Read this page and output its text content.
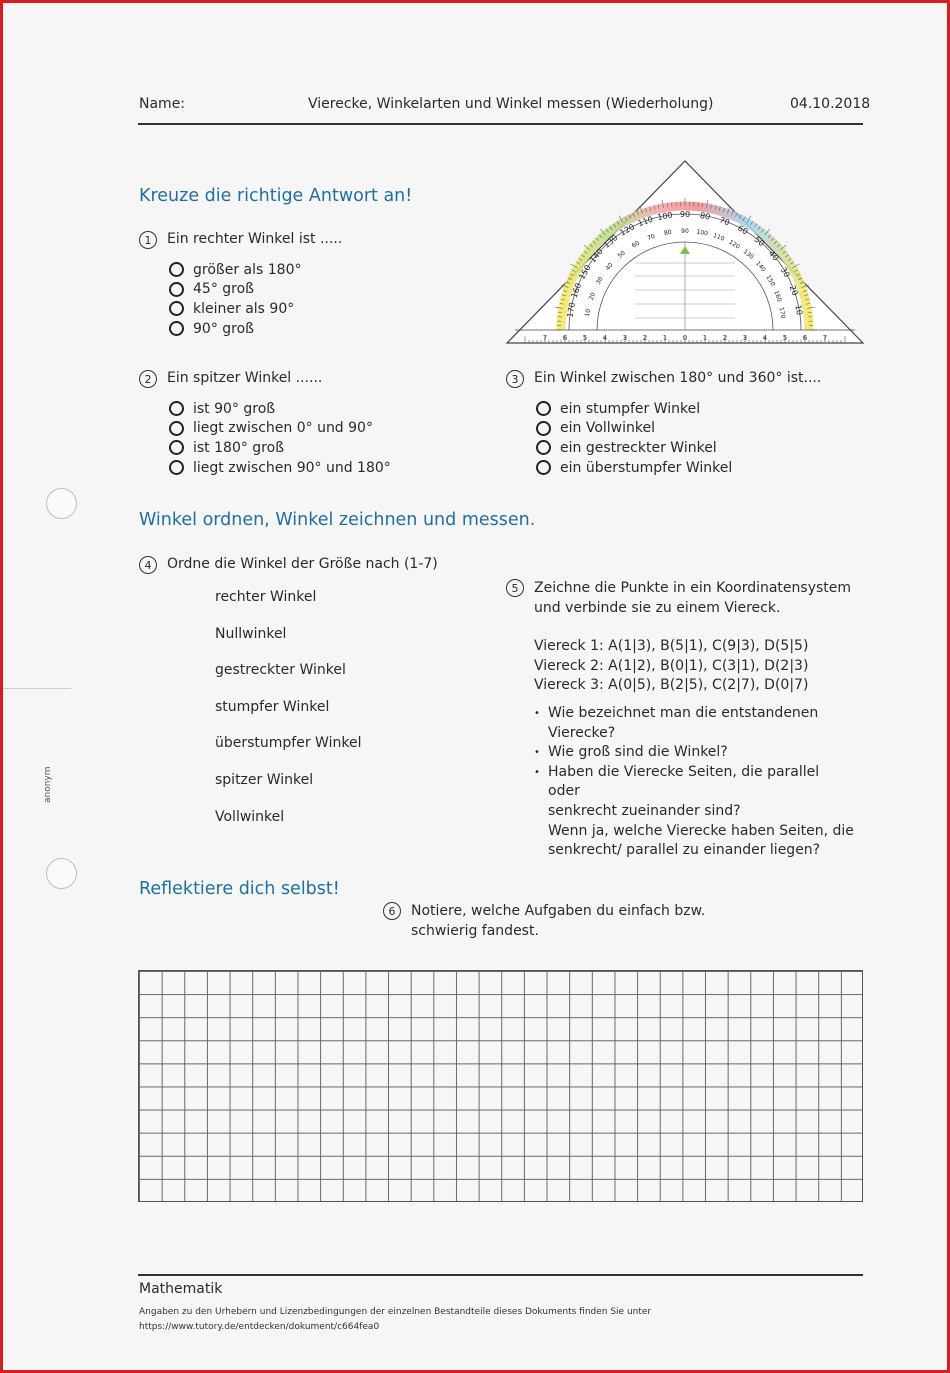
Name:	Vierecke, Winkelarten und Winkel messen (Wiederholung)	04.10.2018
Kreuze die richtige Antwort an!
1	Ein rechter Winkel ist .....
größer als 180°
45° groß
kleiner als 90°
90° groß
7 6 5 4 3 2 1 0 1 2 3 4 5 6 7
10
20
30
40
50
60
70
80
90
100
110
120
130
140
150
160
170	170
160
150
140
130
120
110
100
90
80
70
60
50
40
30
20
10
2	Ein spitzer Winkel ......
ist 90° groß
liegt zwischen 0° und 90°
ist 180° groß
liegt zwischen 90° und 180°
3	Ein Winkel zwischen 180° und 360° ist....
ein stumpfer Winkel
ein Vollwinkel
ein gestreckter Winkel
ein überstumpfer Winkel
anonym
Winkel ordnen, Winkel zeichnen und messen.
4	Ordne die Winkel der Größe nach (1-7)
rechter Winkel
Nullwinkel
gestreckter Winkel
stumpfer Winkel
überstumpfer Winkel
spitzer Winkel
Vollwinkel
5	Zeichne die Punkte in ein Koordinatensystem
und verbinde sie zu einem Viereck.
Viereck 1: A(1|3), B(5|1), C(9|3), D(5|5)
Viereck 2: A(1|2), B(0|1), C(3|1), D(2|3)
Viereck 3: A(0|5), B(2|5), C(2|7), D(0|7)
• Wie bezeichnet man die entstandenen
Vierecke?
• Wie groß sind die Winkel?
• Haben die Vierecke Seiten, die parallel oder
senkrecht zueinander sind?
Wenn ja, welche Vierecke haben Seiten, die
senkrecht/ parallel zu einander liegen?
Reflektiere dich selbst!
6	Notiere, welche Aufgaben du einfach bzw.
schwierig fandest.
Mathematik
Angaben zu den Urhebern und Lizenzbedingungen der einzelnen Bestandteile dieses Dokuments finden Sie unter
https://www.tutory.de/entdecken/dokument/c664fea0
